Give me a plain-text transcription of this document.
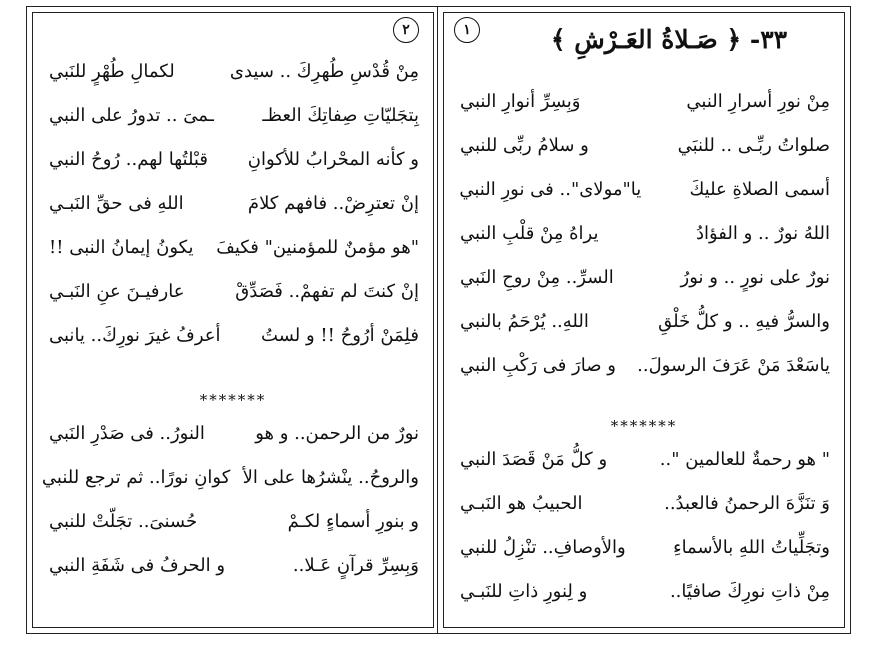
٢
مِنْ قُدْسِ طُهرِكَ .. سيدى
لكمالِ طُهْرٍ للنَبي
بِتجَليّاتِ صِفاتِكَ العظـ
ـمىَ .. تدورُ على النبي
و كأنه المحْرابُ للأكوانِ
قبْلتُها لهم.. رُوحُ النبي
إنْ تعترِضْ.. فافهم كلامَ
اللهِ فى حقِّ النَبـي
"هو مؤمنٌ للمؤمنين" فكيفَ
يكونُ إيمانُ النبى !!
إنْ كنتَ لم تفهمْ.. فَصَدِّقْ
عارفيـنَ عنِ النَبـي
فلِمَنْ أرُوحُ !! و لستُ
أعرفُ غيرَ نورِكَ.. يانبى
*******
نورٌ من الرحمن.. و هو
النورُ.. فى صَدْرِ النَبي
والروحُ.. ينْشرُها على الأ
كوانِ نورًا.. ثم ترجع للنبي
و بنورِ أسماءٍ لكـمْ
حُسنىَ.. تجَلّتْ للنبي
وَبِسِرِّ قرآنٍ عَـلا..
و الحرفُ فى شَفَةِ النبي
١	٣٣- ﴿ صَـلاةُ العَـرْشِ ﴾
مِنْ نورِ أسرارِ النبي
وَبِسِرِّ أنوارِ النبي
صلواتُ ربِّـى .. للنبَي
و سلامُ ربِّى للنبي
أسمى الصلاةِ عليكَ
يا"مولاى".. فى نورِ النبي
اللهُ نورٌ .. و الفؤادُ
يراهُ مِنْ قلْبِ النبي
نورٌ على نورٍ .. و نورُ
السرِّ.. مِنْ روحِ النَبي
والسرُّ فيهِ .. و كلُّ خَلْقِ
اللهِ.. يُرْحَمُ بالنبي
ياسَعْدَ مَنْ عَرَفَ الرسولَ..
و صارَ فى رَكْبِ النبي
*******
" هو رحمةٌ للعالمين "..
و كلُّ مَنْ قَصَدَ النبي
وَ تنَزَّهَ الرحمنُ فالعبدُ..
الحبيبُ هو النَبـي
وتجَلِّياتُ اللهِ بالأسماءِ
والأوصافِ.. تنْزِلُ للنبي
مِنْ ذاتِ نورِكَ صافيًا..
و لِنورِ ذاتِ للنَبـي
